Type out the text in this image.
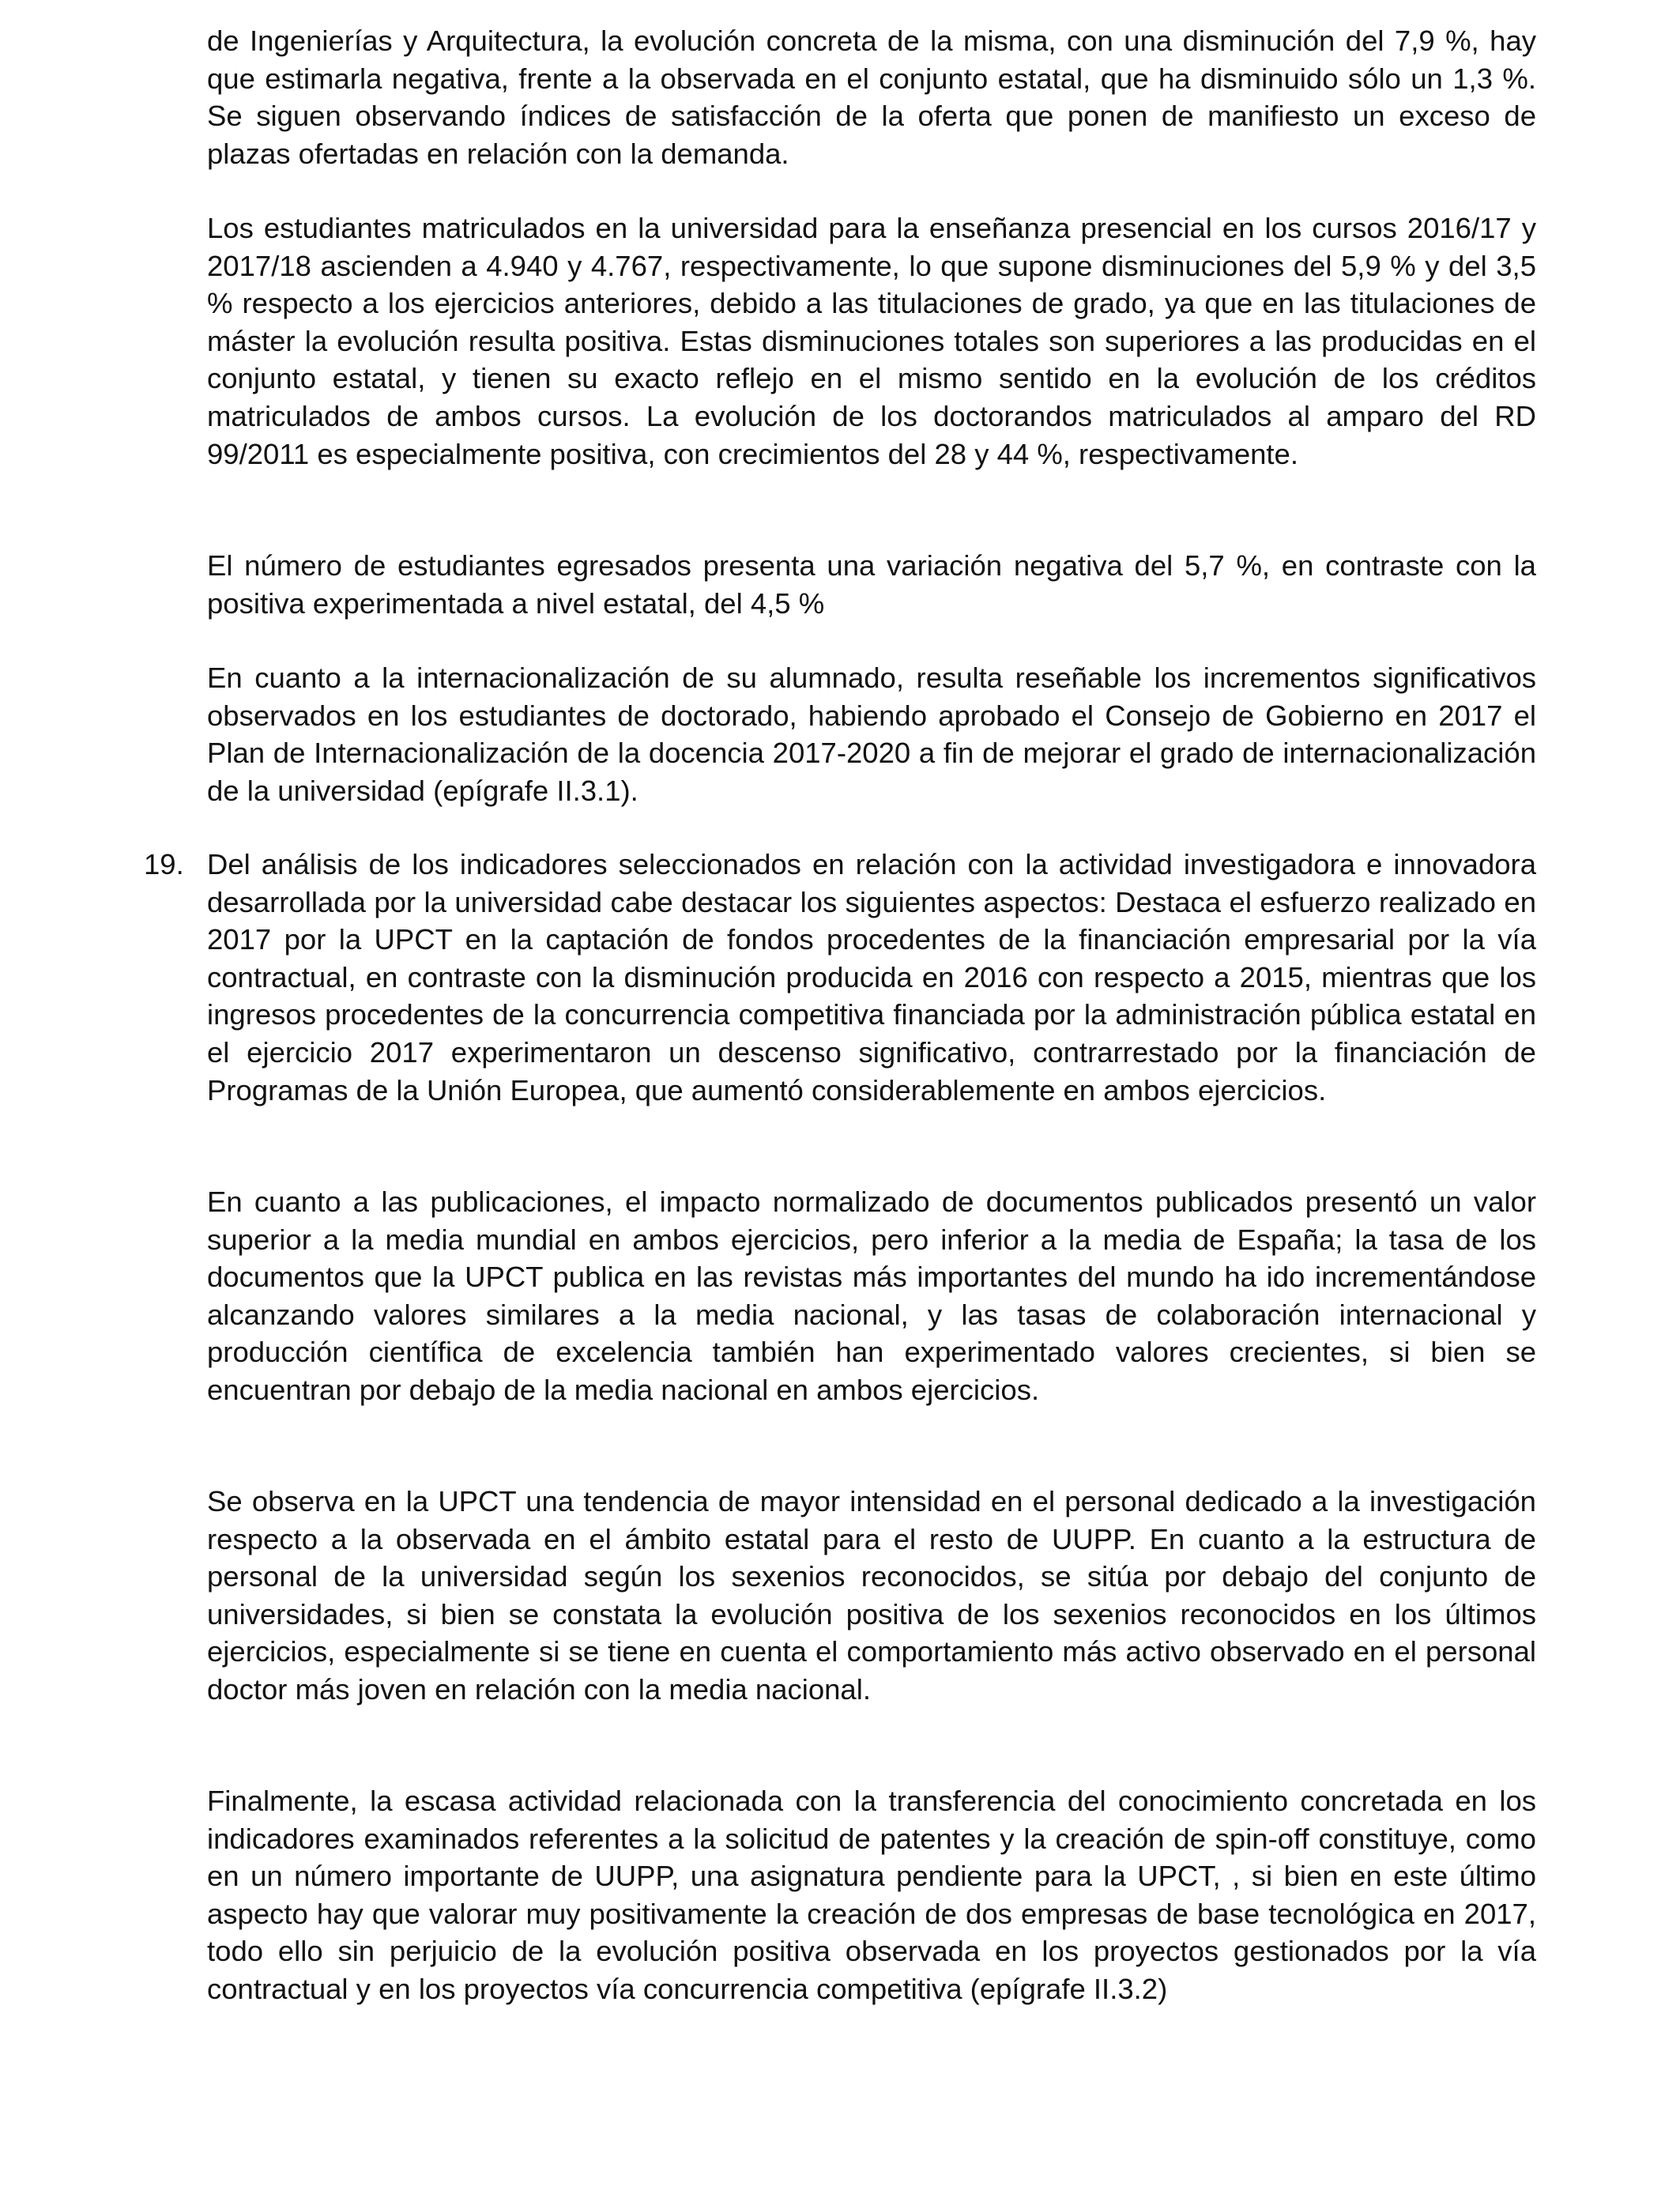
de Ingenierías y Arquitectura, la evolución concreta de la misma, con una disminución del 7,9 %, hay que estimarla negativa, frente a la observada en el conjunto estatal, que ha disminuido sólo un 1,3 %. Se siguen observando índices de satisfacción de la oferta que ponen de manifiesto un exceso de plazas ofertadas en relación con la demanda.

Los estudiantes matriculados en la universidad para la enseñanza presencial en los cursos 2016/17 y 2017/18 ascienden a 4.940 y 4.767, respectivamente, lo que supone disminuciones del 5,9 % y del 3,5 % respecto a los ejercicios anteriores, debido a las titulaciones de grado, ya que en las titulaciones de máster la evolución resulta positiva. Estas disminuciones totales son superiores a las producidas en el conjunto estatal, y tienen su exacto reflejo en el mismo sentido en la evolución de los créditos matriculados de ambos cursos. La evolución de los doctorandos matriculados al amparo del RD 99/2011 es especialmente positiva, con crecimientos del 28 y 44 %, respectivamente.

El número de estudiantes egresados presenta una variación negativa del 5,7 %, en contraste con la positiva experimentada a nivel estatal, del 4,5 %

En cuanto a la internacionalización de su alumnado, resulta reseñable los incrementos significativos observados en los estudiantes de doctorado, habiendo aprobado el Consejo de Gobierno en 2017 el Plan de Internacionalización de la docencia 2017-2020 a fin de mejorar el grado de internacionalización de la universidad (epígrafe II.3.1).

19. Del análisis de los indicadores seleccionados en relación con la actividad investigadora e innovadora desarrollada por la universidad cabe destacar los siguientes aspectos: Destaca el esfuerzo realizado en 2017 por la UPCT en la captación de fondos procedentes de la financiación empresarial por la vía contractual, en contraste con la disminución producida en 2016 con respecto a 2015, mientras que los ingresos procedentes de la concurrencia competitiva financiada por la administración pública estatal en el ejercicio 2017 experimentaron un descenso significativo, contrarrestado por la financiación de Programas de la Unión Europea, que aumentó considerablemente en ambos ejercicios.

En cuanto a las publicaciones, el impacto normalizado de documentos publicados presentó un valor superior a la media mundial en ambos ejercicios, pero inferior a la media de España; la tasa de los documentos que la UPCT publica en las revistas más importantes del mundo ha ido incrementándose alcanzando valores similares a la media nacional, y las tasas de colaboración internacional y producción científica de excelencia también han experimentado valores crecientes, si bien se encuentran por debajo de la media nacional en ambos ejercicios.

Se observa en la UPCT una tendencia de mayor intensidad en el personal dedicado a la investigación respecto a la observada en el ámbito estatal para el resto de UUPP. En cuanto a la estructura de personal de la universidad según los sexenios reconocidos, se sitúa por debajo del conjunto de universidades, si bien se constata la evolución positiva de los sexenios reconocidos en los últimos ejercicios, especialmente si se tiene en cuenta el comportamiento más activo observado en el personal doctor más joven en relación con la media nacional.

Finalmente, la escasa actividad relacionada con la transferencia del conocimiento concretada en los indicadores examinados referentes a la solicitud de patentes y la creación de spin-off constituye, como en un número importante de UUPP, una asignatura pendiente para la UPCT, , si bien en este último aspecto hay que valorar muy positivamente la creación de dos empresas de base tecnológica en 2017, todo ello sin perjuicio de la evolución positiva observada en los proyectos gestionados por la vía contractual y en los proyectos vía concurrencia competitiva (epígrafe II.3.2)
